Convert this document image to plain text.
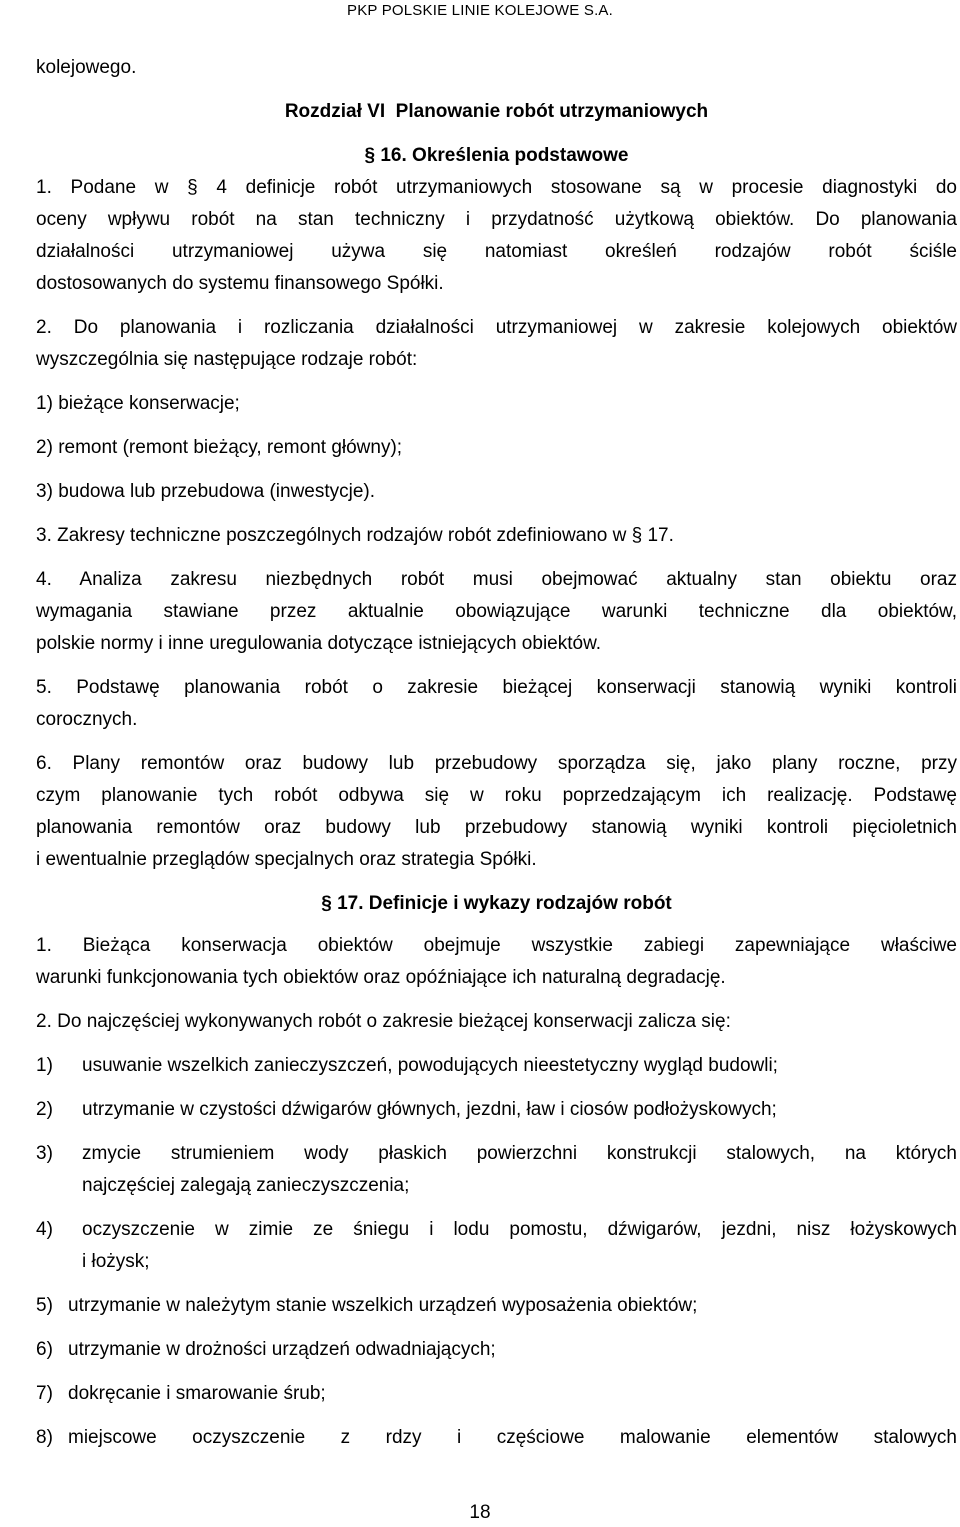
PKP POLSKIE LINIE KOLEJOWE S.A.
kolejowego.
Rozdział VI  Planowanie robót utrzymaniowych
§ 16. Określenia podstawowe
1. Podane w § 4 definicje robót utrzymaniowych stosowane są w procesie diagnostyki do
oceny wpływu robót na stan techniczny i przydatność użytkową obiektów. Do planowania
działalności utrzymaniowej używa się natomiast określeń rodzajów robót ściśle
dostosowanych do systemu finansowego Spółki.
2. Do planowania i rozliczania działalności utrzymaniowej w zakresie kolejowych obiektów
wyszczególnia się następujące rodzaje robót:
1) bieżące konserwacje;
2) remont (remont bieżący, remont główny);
3) budowa lub przebudowa (inwestycje).
3. Zakresy techniczne poszczególnych rodzajów robót zdefiniowano w § 17.
4. Analiza zakresu niezbędnych robót musi obejmować aktualny stan obiektu oraz
wymagania stawiane przez aktualnie obowiązujące warunki techniczne dla obiektów,
polskie normy i inne uregulowania dotyczące istniejących obiektów.
5. Podstawę planowania robót o zakresie bieżącej konserwacji stanowią wyniki kontroli
corocznych.
6. Plany remontów oraz budowy lub przebudowy sporządza się, jako plany roczne, przy
czym planowanie tych robót odbywa się w roku poprzedzającym ich realizację. Podstawę
planowania remontów oraz budowy lub przebudowy stanowią wyniki kontroli pięcioletnich
i ewentualnie przeglądów specjalnych oraz strategia Spółki.
§ 17. Definicje i wykazy rodzajów robót
1. Bieżąca konserwacja obiektów obejmuje wszystkie zabiegi zapewniające właściwe
warunki funkcjonowania tych obiektów oraz opóźniające ich naturalną degradację.
2. Do najczęściej wykonywanych robót o zakresie bieżącej konserwacji zalicza się:
1) usuwanie wszelkich zanieczyszczeń, powodujących nieestetyczny wygląd budowli;
2) utrzymanie w czystości dźwigarów głównych, jezdni, ław i ciosów podłożyskowych;
3)	zmycie strumieniem wody płaskich powierzchni konstrukcji stalowych, na których
najczęściej zalegają zanieczyszczenia;
4)	oczyszczenie w zimie ze śniegu i lodu pomostu, dźwigarów, jezdni, nisz łożyskowych
i łożysk;
5) utrzymanie w należytym stanie wszelkich urządzeń wyposażenia obiektów;
6) utrzymanie w drożności urządzeń odwadniających;
7) dokręcanie i smarowanie śrub;
8) miejscowe oczyszczenie z rdzy i częściowe malowanie elementów stalowych
18
